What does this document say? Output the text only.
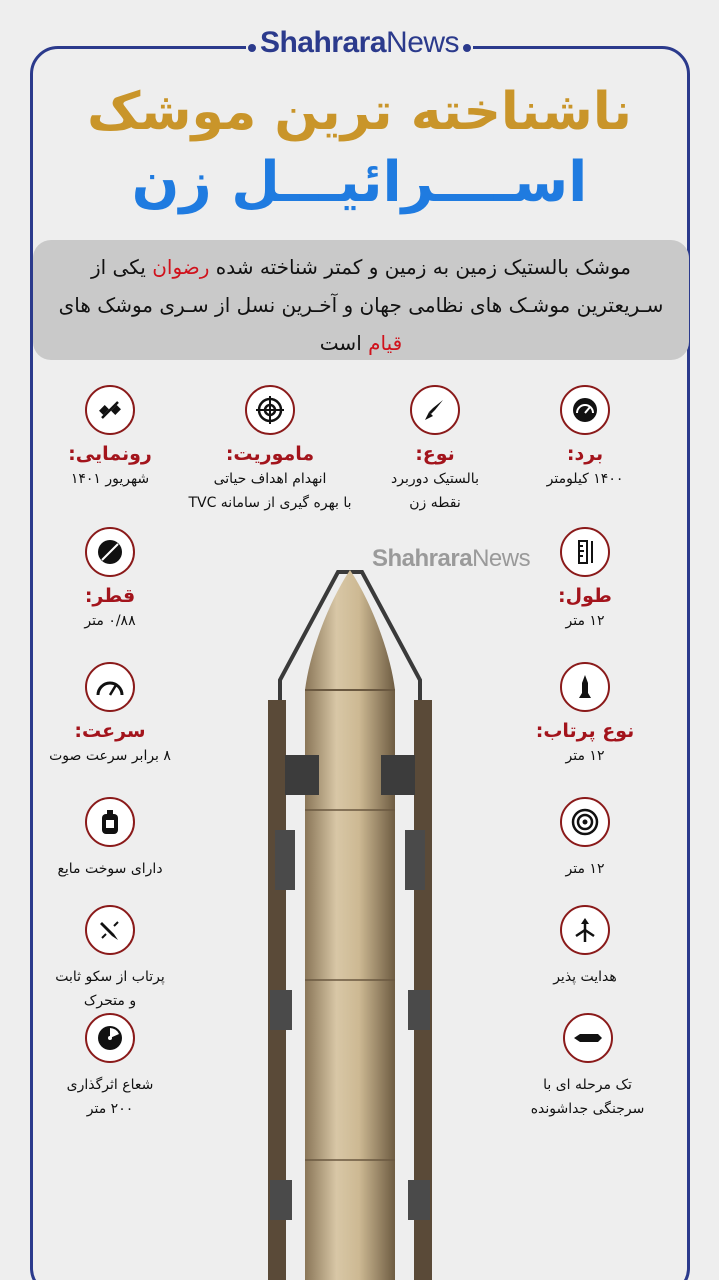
ShahraraNews
ناشناخته ترین موشک
اســــرائیـــل زن
موشک بالستیک زمین به زمین و کمتر شناخته شده رضوان یکی از سـریعترین موشـک های نظامی جهان و آخـرین نسل از سـری موشک های قیام است
ShahraraNews
برد:
۱۴۰۰ کیلومتر
نوع:
بالستیک دوربرد
نقطه زن
ماموریت:
انهدام اهداف حیاتی
با بهره گیری از سامانه TVC
رونمایی:
شهریور ۱۴۰۱
طول:
۱۲ متر
قطر:
۰/۸۸ متر
نوع پرتاب:
۱۲ متر
سرعت:
۸ برابر سرعت صوت
۱۲ متر
دارای سوخت مایع
هدایت پذیر
پرتاب از سکو ثابت
و متحرک
تک مرحله ای با
سرجنگی جداشونده
شعاع اثرگذاری
۲۰۰ متر
